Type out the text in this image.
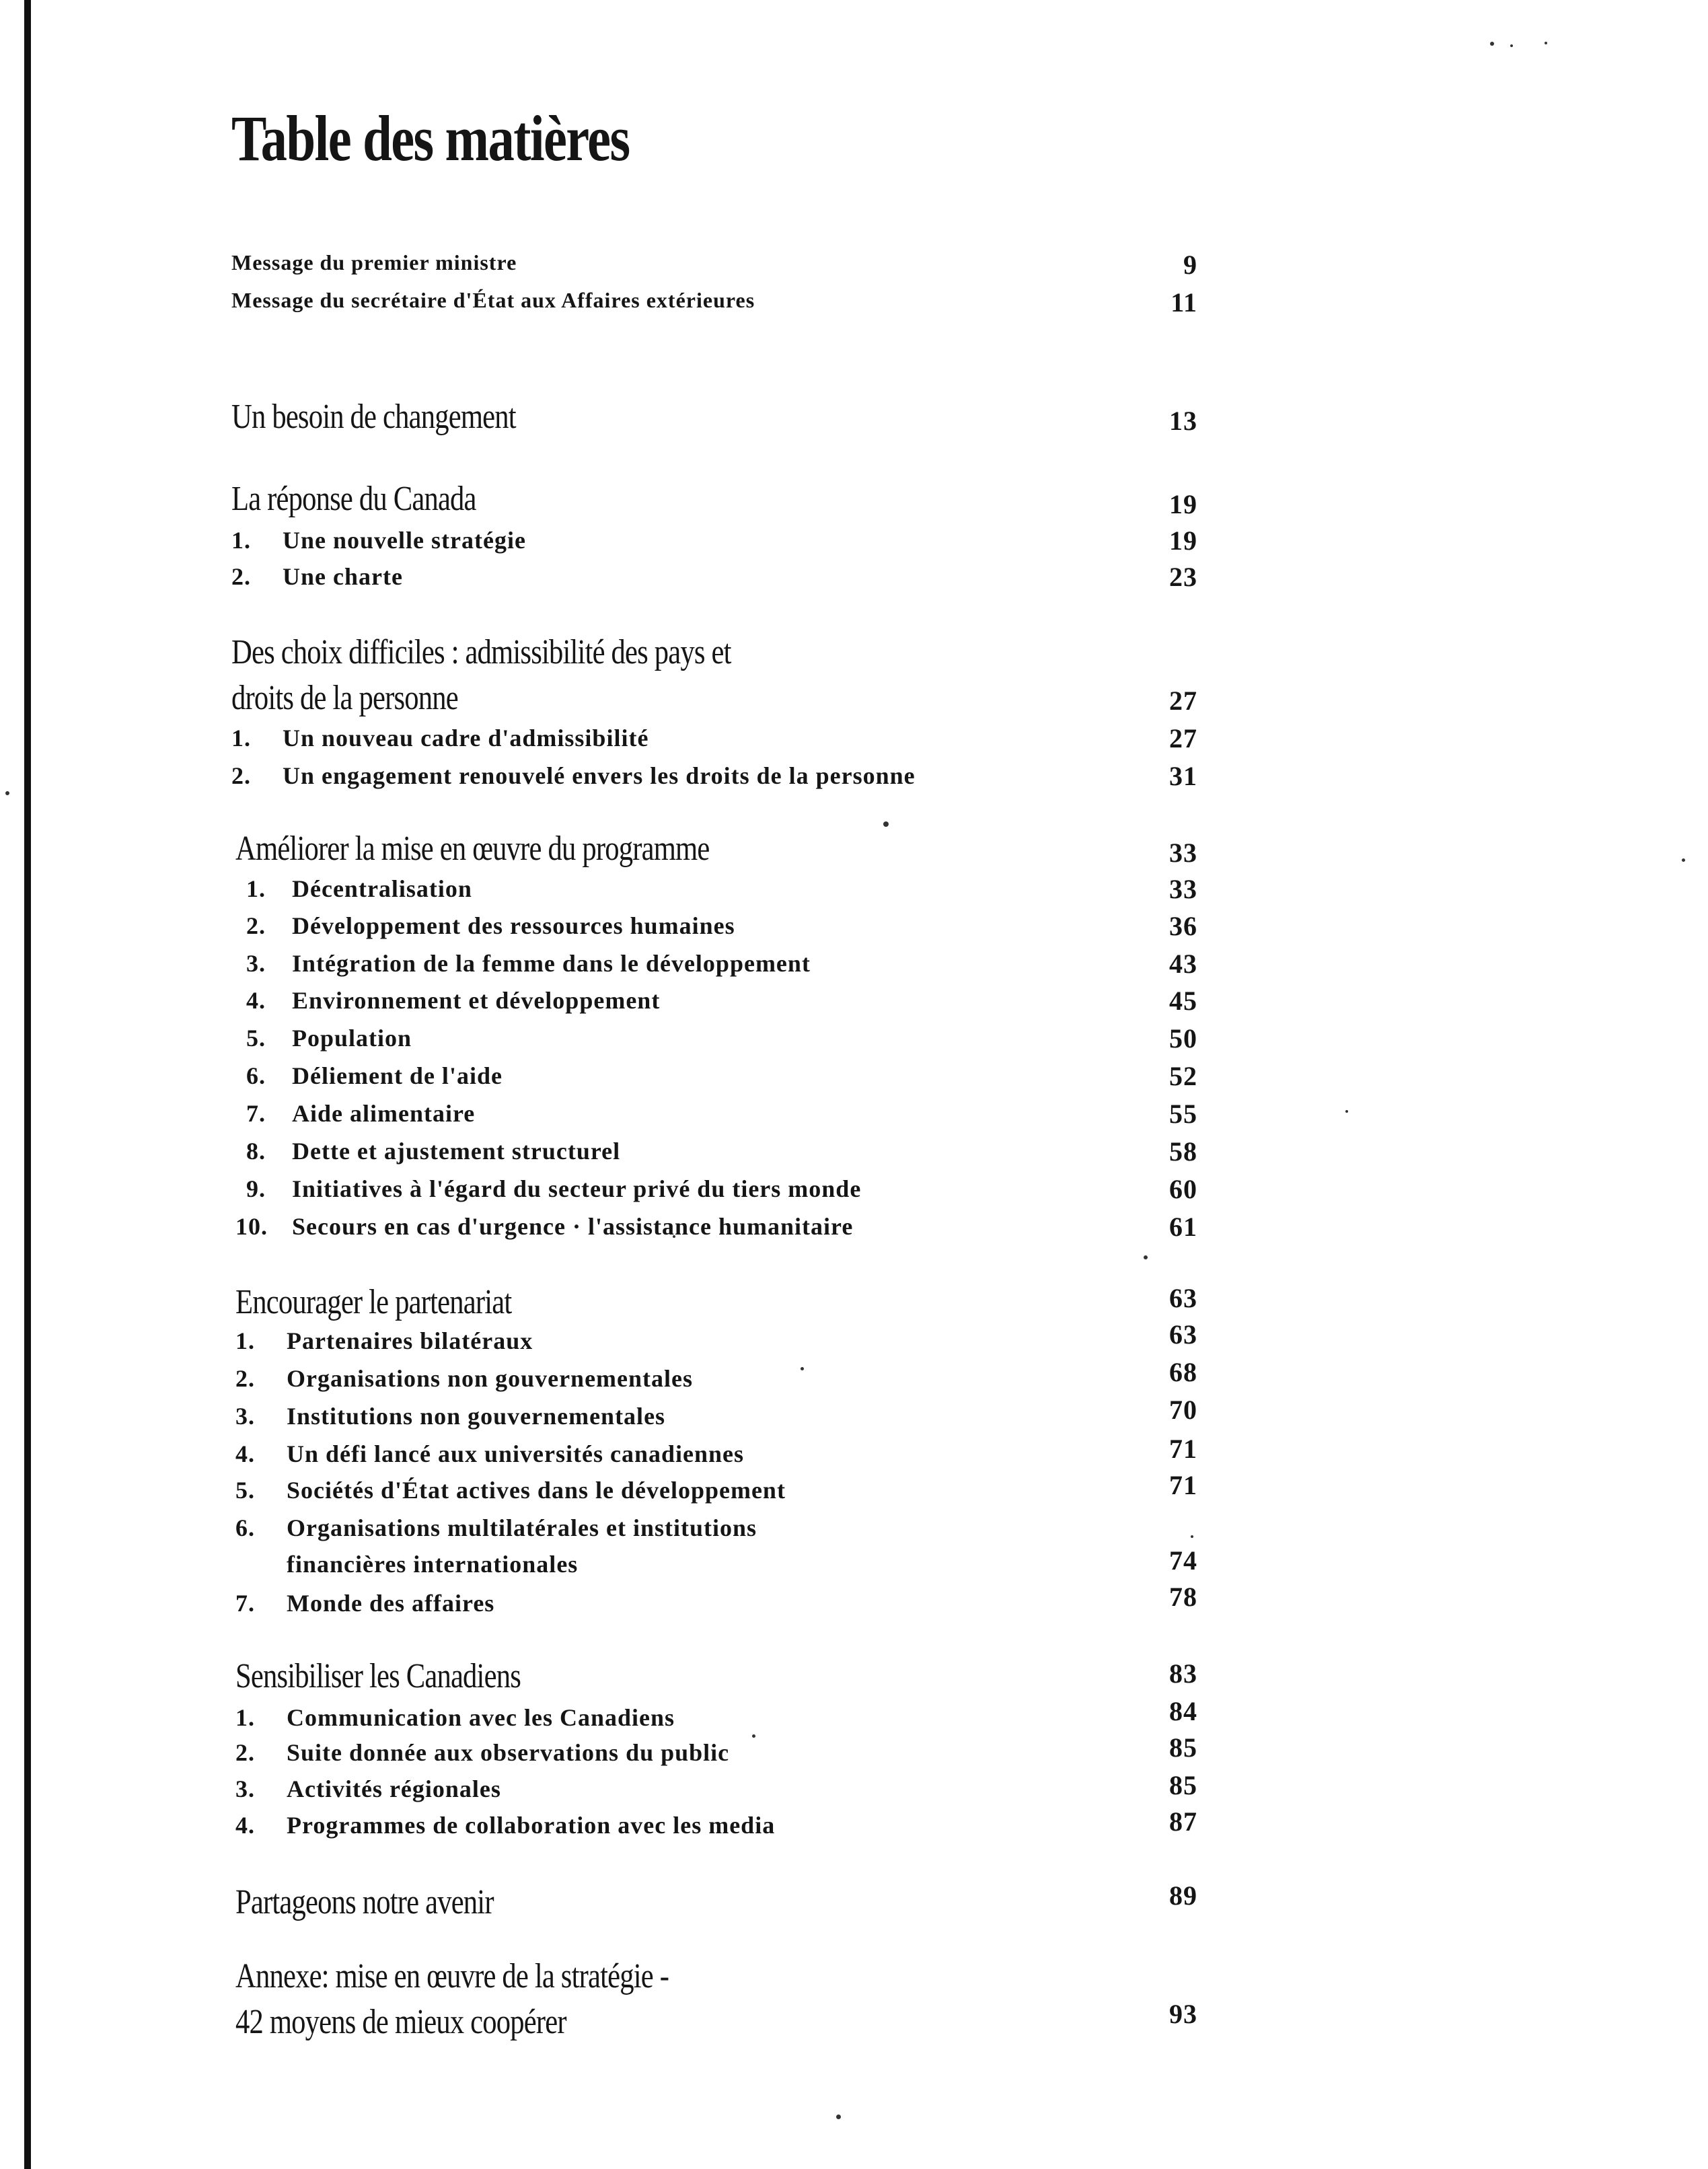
Table des matières
Message du premier ministre	9
Message du secrétaire d'État aux Affaires extérieures	11
Un besoin de changement	13
La réponse du Canada	19
1. Une nouvelle stratégie	19
2. Une charte	23
Des choix difficiles : admissibilité des pays et
droits de la personne	27
1. Un nouveau cadre d'admissibilité	27
2. Un engagement renouvelé envers les droits de la personne	31
Améliorer la mise en œuvre du programme	33
1. Décentralisation	33
2. Développement des ressources humaines	36
3. Intégration de la femme dans le développement	43
4. Environnement et développement	45
5. Population	50
6. Déliement de l'aide	52
7. Aide alimentaire	55
8. Dette et ajustement structurel	58
9. Initiatives à l'égard du secteur privé du tiers monde	60
10. Secours en cas d'urgence · l'assistance humanitaire	61
Encourager le partenariat	63
1. Partenaires bilatéraux	63
2. Organisations non gouvernementales	68
3. Institutions non gouvernementales	70
4. Un défi lancé aux universités canadiennes	71
5. Sociétés d'État actives dans le développement	71
6. Organisations multilatérales et institutions
financières internationales	74
7. Monde des affaires	78
Sensibiliser les Canadiens	83
1. Communication avec les Canadiens	84
2. Suite donnée aux observations du public	85
3. Activités régionales	85
4. Programmes de collaboration avec les media	87
Partageons notre avenir	89
Annexe: mise en œuvre de la stratégie -
42 moyens de mieux coopérer	93
